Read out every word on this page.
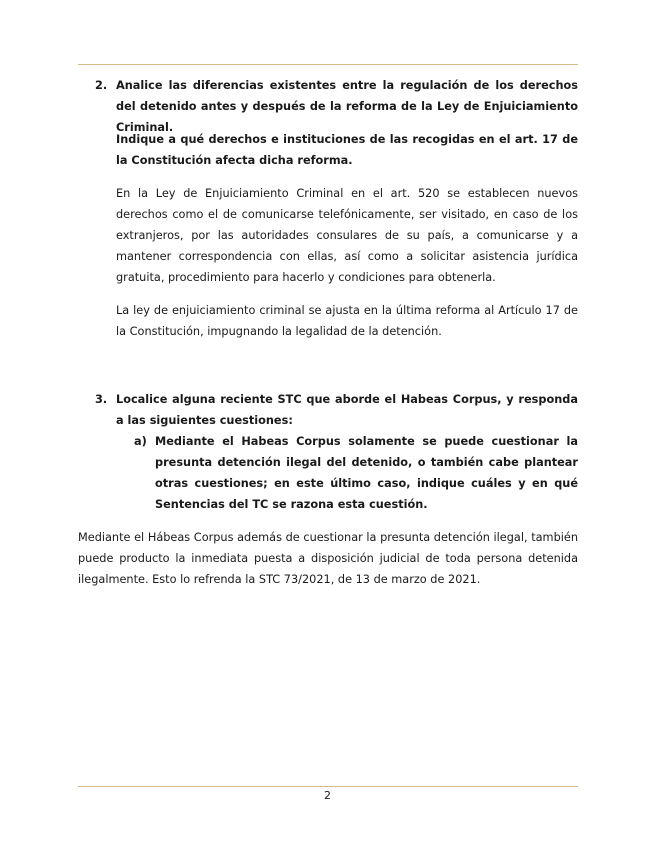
2. Analice las diferencias existentes entre la regulación de los derechos del detenido antes y después de la reforma de la Ley de Enjuiciamiento Criminal.
Indique a qué derechos e instituciones de las recogidas en el art. 17 de la Constitución afecta dicha reforma.
En la Ley de Enjuiciamiento Criminal en el art. 520 se establecen nuevos derechos como el de comunicarse telefónicamente, ser visitado, en caso de los extranjeros, por las autoridades consulares de su país, a comunicarse y a mantener correspondencia con ellas, así como a solicitar asistencia jurídica gratuita, procedimiento para hacerlo y condiciones para obtenerla.
La ley de enjuiciamiento criminal se ajusta en la última reforma al Artículo 17 de la Constitución, impugnando la legalidad de la detención.
3. Localice alguna reciente STC que aborde el Habeas Corpus, y responda a las siguientes cuestiones:
a) Mediante el Habeas Corpus solamente se puede cuestionar la presunta detención ilegal del detenido, o también cabe plantear otras cuestiones; en este último caso, indique cuáles y en qué Sentencias del TC se razona esta cuestión.
Mediante el Hábeas Corpus además de cuestionar la presunta detención ilegal, también puede producto la inmediata puesta a disposición judicial de toda persona detenida ilegalmente. Esto lo refrenda la STC 73/2021, de 13 de marzo de 2021.
2
